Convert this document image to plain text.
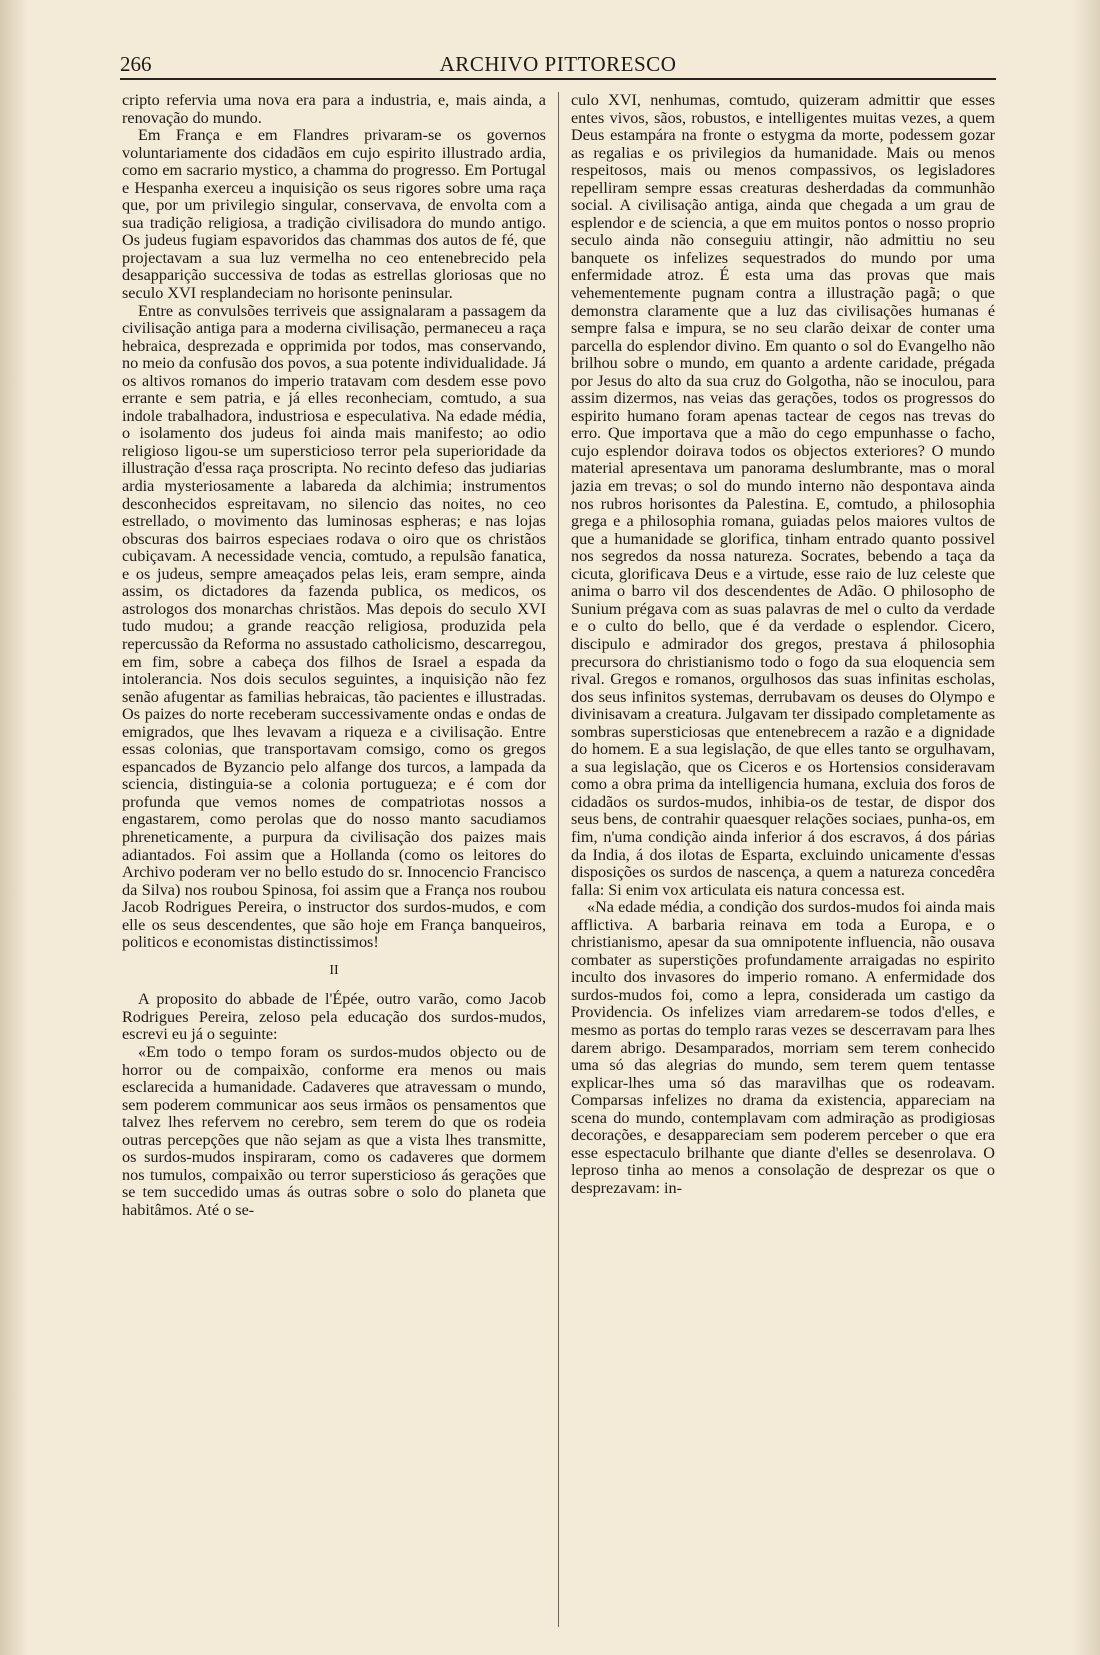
266	ARCHIVO PITTORESCO

cripto refervia uma nova era para a industria, e, mais ainda, a renovação do mundo.

Em França e em Flandres privaram-se os governos voluntariamente dos cidadãos em cujo espirito illustrado ardia, como em sacrario mystico, a chamma do progresso. Em Portugal e Hespanha exerceu a inquisição os seus rigores sobre uma raça que, por um privilegio singular, conservava, de envolta com a sua tradição religiosa, a tradição civilisadora do mundo antigo. Os judeus fugiam espavoridos das chammas dos autos de fé, que projectavam a sua luz vermelha no ceo entenebrecido pela desapparição successiva de todas as estrellas gloriosas que no seculo XVI resplandeciam no horisonte peninsular.

Entre as convulsões terriveis que assignalaram a passagem da civilisação antiga para a moderna civilisação, permaneceu a raça hebraica, desprezada e opprimida por todos, mas conservando, no meio da confusão dos povos, a sua potente individualidade. Já os altivos romanos do imperio tratavam com desdem esse povo errante e sem patria, e já elles reconheciam, comtudo, a sua indole trabalhadora, industriosa e especulativa. Na edade média, o isolamento dos judeus foi ainda mais manifesto; ao odio religioso ligou-se um supersticioso terror pela superioridade da illustração d'essa raça proscripta. No recinto defeso das judiarias ardia mysteriosamente a labareda da alchimia; instrumentos desconhecidos espreitavam, no silencio das noites, no ceo estrellado, o movimento das luminosas espheras; e nas lojas obscuras dos bairros especiaes rodava o oiro que os christãos cubiçavam. A necessidade vencia, comtudo, a repulsão fanatica, e os judeus, sempre ameaçados pelas leis, eram sempre, ainda assim, os dictadores da fazenda publica, os medicos, os astrologos dos monarchas christãos. Mas depois do seculo XVI tudo mudou; a grande reacção religiosa, produzida pela repercussão da Reforma no assustado catholicismo, descarregou, em fim, sobre a cabeça dos filhos de Israel a espada da intolerancia. Nos dois seculos seguintes, a inquisição não fez senão afugentar as familias hebraicas, tão pacientes e illustradas. Os paizes do norte receberam successivamente ondas e ondas de emigrados, que lhes levavam a riqueza e a civilisação. Entre essas colonias, que transportavam comsigo, como os gregos espancados de Byzancio pelo alfange dos turcos, a lampada da sciencia, distinguia-se a colonia portugueza; e é com dor profunda que vemos nomes de compatriotas nossos a engastarem, como perolas que do nosso manto sacudiamos phreneticamente, a purpura da civilisação dos paizes mais adiantados. Foi assim que a Hollanda (como os leitores do Archivo poderam ver no bello estudo do sr. Innocencio Francisco da Silva) nos roubou Spinosa, foi assim que a França nos roubou Jacob Rodrigues Pereira, o instructor dos surdos-mudos, e com elle os seus descendentes, que são hoje em França banqueiros, politicos e economistas distinctissimos!

II

A proposito do abbade de l'Épée, outro varão, como Jacob Rodrigues Pereira, zeloso pela educação dos surdos-mudos, escrevi eu já o seguinte:

«Em todo o tempo foram os surdos-mudos objecto ou de horror ou de compaixão, conforme era menos ou mais esclarecida a humanidade. Cadaveres que atravessam o mundo, sem poderem communicar aos seus irmãos os pensamentos que talvez lhes refervem no cerebro, sem terem do que os rodeia outras percepções que não sejam as que a vista lhes transmitte, os surdos-mudos inspiraram, como os cadaveres que dormem nos tumulos, compaixão ou terror supersticioso ás gerações que se tem succedido umas ás outras sobre o solo do planeta que habitâmos. Até o se-

culo XVI, nenhumas, comtudo, quizeram admittir que esses entes vivos, sãos, robustos, e intelligentes muitas vezes, a quem Deus estampára na fronte o estygma da morte, podessem gozar as regalias e os privilegios da humanidade. Mais ou menos respeitosos, mais ou menos compassivos, os legisladores repelliram sempre essas creaturas desherdadas da communhão social. A civilisação antiga, ainda que chegada a um grau de esplendor e de sciencia, a que em muitos pontos o nosso proprio seculo ainda não conseguiu attingir, não admittiu no seu banquete os infelizes sequestrados do mundo por uma enfermidade atroz. É esta uma das provas que mais vehementemente pugnam contra a illustração pagã; o que demonstra claramente que a luz das civilisações humanas é sempre falsa e impura, se no seu clarão deixar de conter uma parcella do esplendor divino. Em quanto o sol do Evangelho não brilhou sobre o mundo, em quanto a ardente caridade, prégada por Jesus do alto da sua cruz do Golgotha, não se inoculou, para assim dizermos, nas veias das gerações, todos os progressos do espirito humano foram apenas tactear de cegos nas trevas do erro. Que importava que a mão do cego empunhasse o facho, cujo esplendor doirava todos os objectos exteriores? O mundo material apresentava um panorama deslumbrante, mas o moral jazia em trevas; o sol do mundo interno não despontava ainda nos rubros horisontes da Palestina. E, comtudo, a philosophia grega e a philosophia romana, guiadas pelos maiores vultos de que a humanidade se glorifica, tinham entrado quanto possivel nos segredos da nossa natureza. Socrates, bebendo a taça da cicuta, glorificava Deus e a virtude, esse raio de luz celeste que anima o barro vil dos descendentes de Adão. O philosopho de Sunium prégava com as suas palavras de mel o culto da verdade e o culto do bello, que é da verdade o esplendor. Cicero, discipulo e admirador dos gregos, prestava á philosophia precursora do christianismo todo o fogo da sua eloquencia sem rival. Gregos e romanos, orgulhosos das suas infinitas escholas, dos seus infinitos systemas, derrubavam os deuses do Olympo e divinisavam a creatura. Julgavam ter dissipado completamente as sombras supersticiosas que entenebrecem a razão e a dignidade do homem. E a sua legislação, de que elles tanto se orgulhavam, a sua legislação, que os Ciceros e os Hortensios consideravam como a obra prima da intelligencia humana, excluia dos foros de cidadãos os surdos-mudos, inhibia-os de testar, de dispor dos seus bens, de contrahir quaesquer relações sociaes, punha-os, em fim, n'uma condição ainda inferior á dos escravos, á dos párias da India, á dos ilotas de Esparta, excluindo unicamente d'essas disposições os surdos de nascença, a quem a natureza concedêra falla: Si enim vox articulata eis natura concessa est.

«Na edade média, a condição dos surdos-mudos foi ainda mais afflictiva. A barbaria reinava em toda a Europa, e o christianismo, apesar da sua omnipotente influencia, não ousava combater as superstições profundamente arraigadas no espirito inculto dos invasores do imperio romano. A enfermidade dos surdos-mudos foi, como a lepra, considerada um castigo da Providencia. Os infelizes viam arredarem-se todos d'elles, e mesmo as portas do templo raras vezes se descerravam para lhes darem abrigo. Desamparados, morriam sem terem conhecido uma só das alegrias do mundo, sem terem quem tentasse explicar-lhes uma só das maravilhas que os rodeavam. Comparsas infelizes no drama da existencia, appareciam na scena do mundo, contemplavam com admiração as prodigiosas decorações, e desappareciam sem poderem perceber o que era esse espectaculo brilhante que diante d'elles se desenrolava. O leproso tinha ao menos a consolação de desprezar os que o desprezavam: in-
